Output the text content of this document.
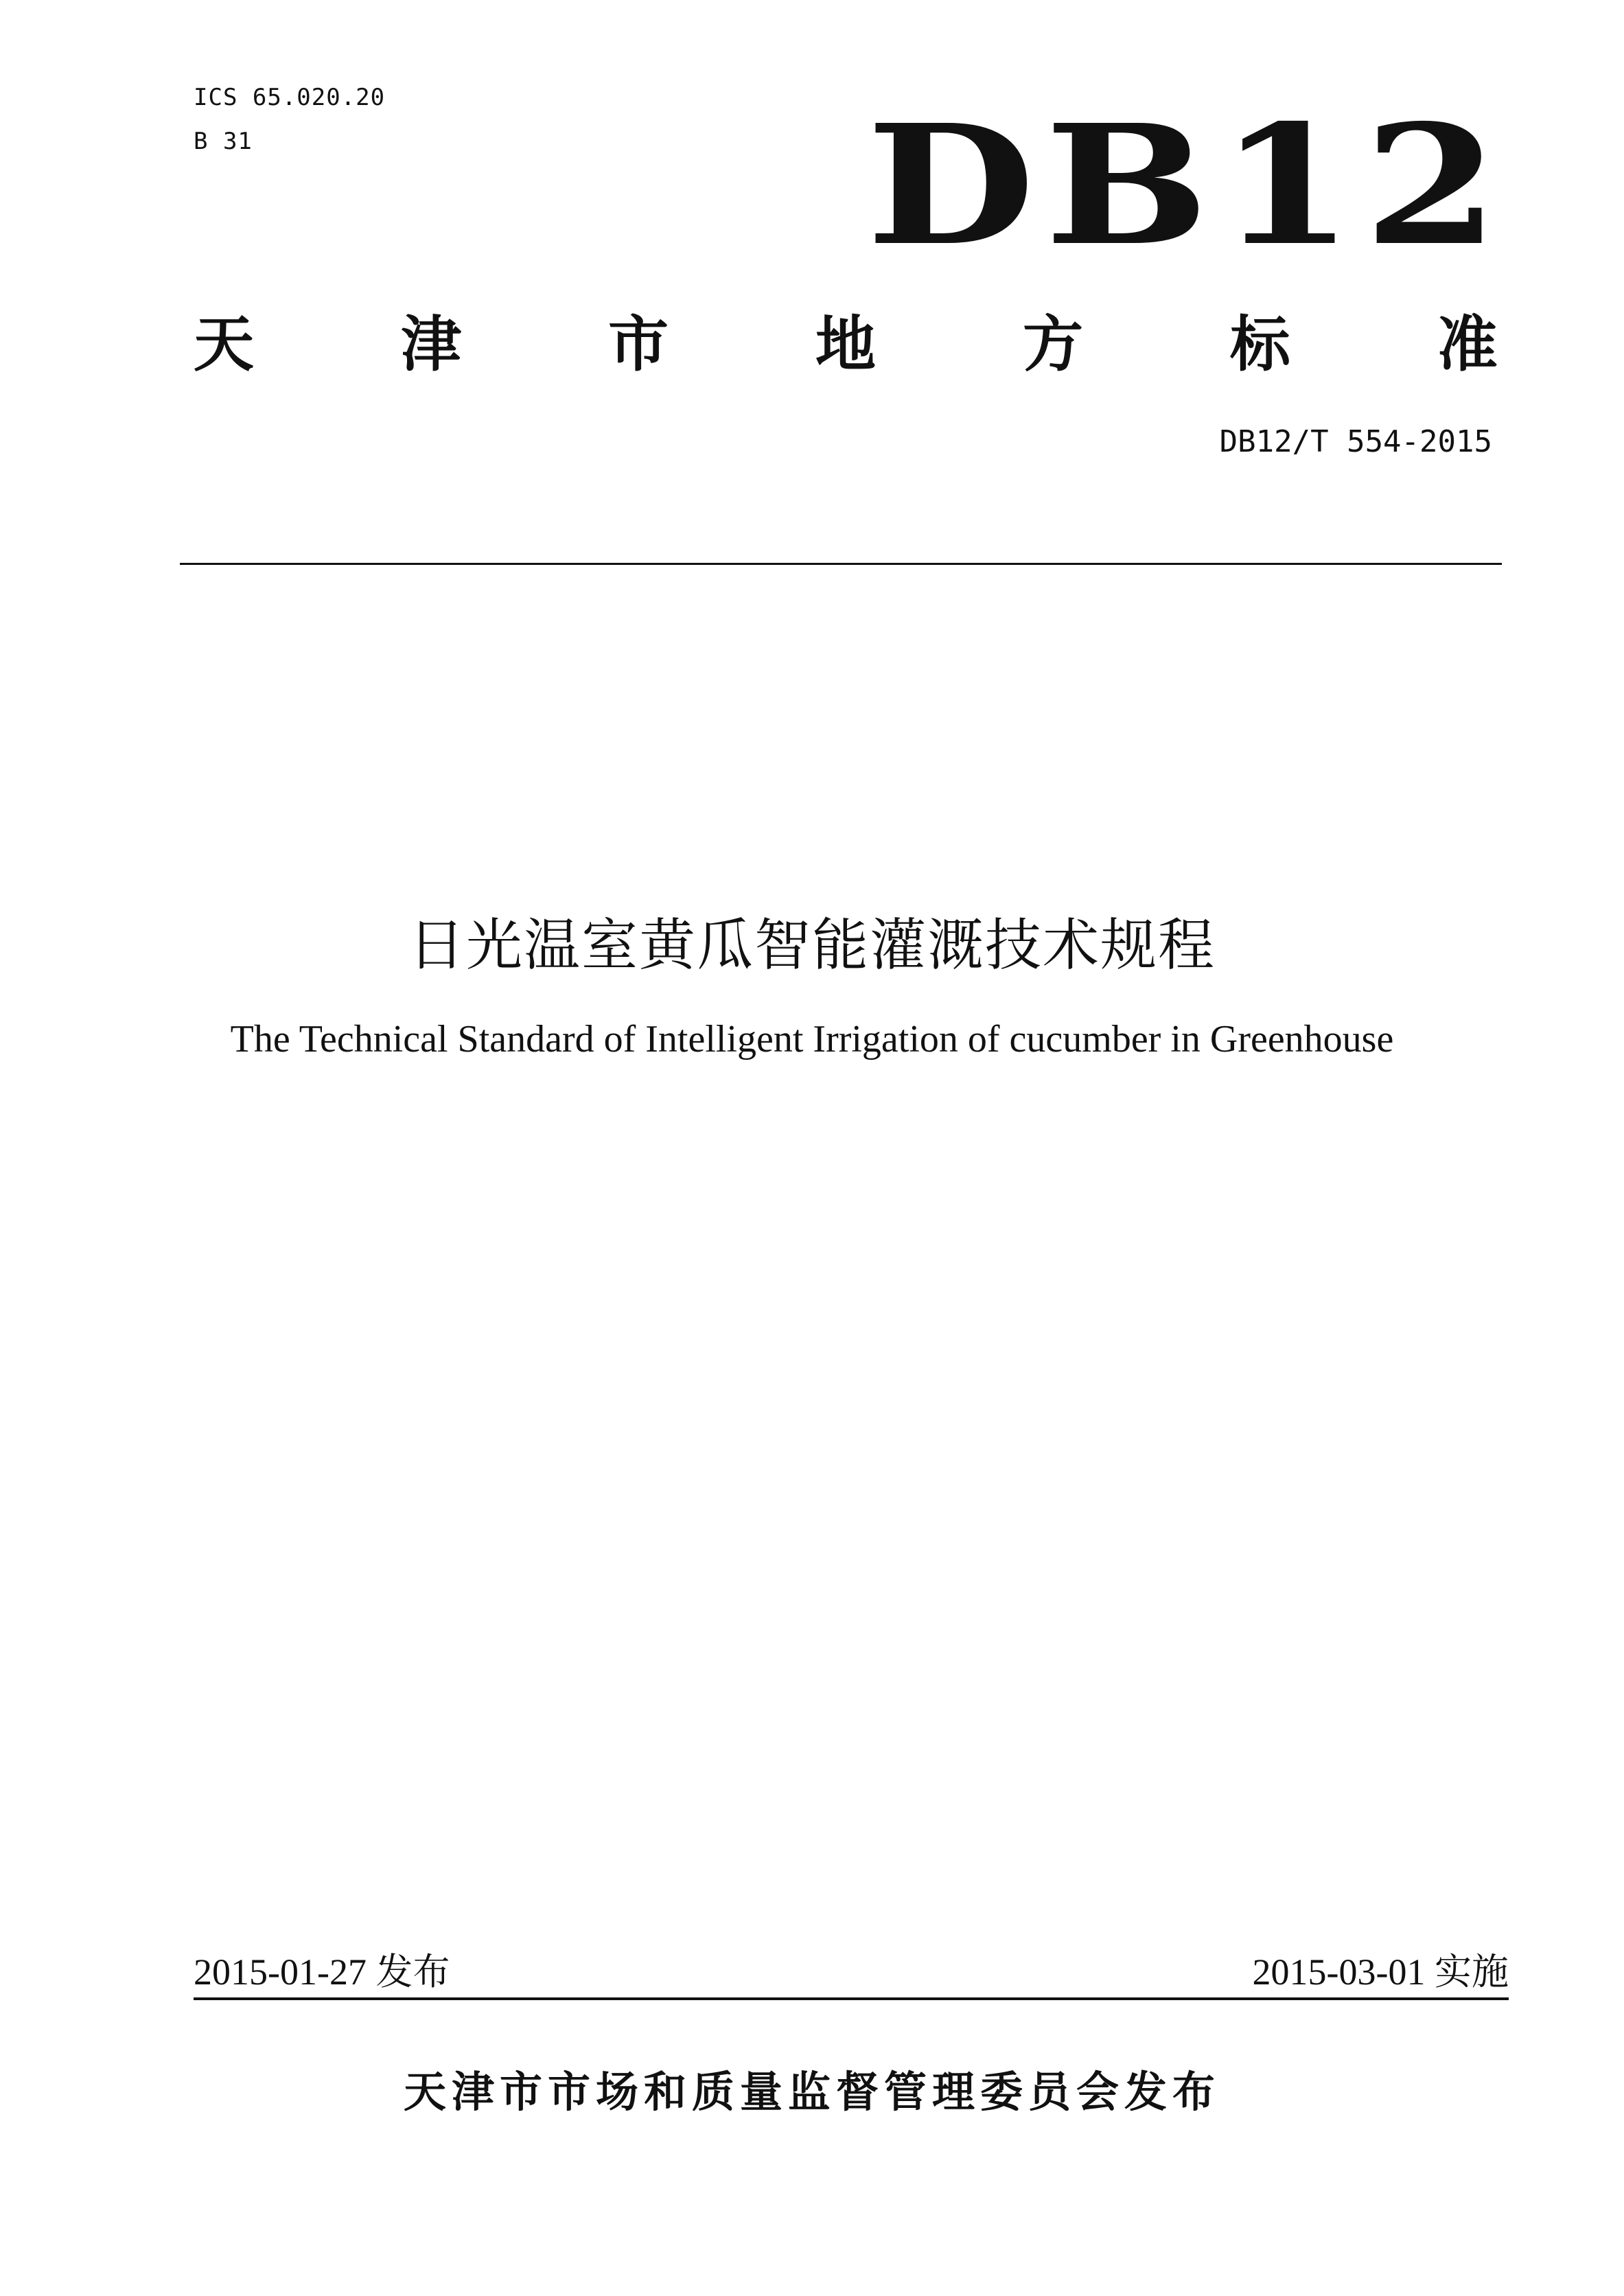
ICS 65.020.20
B 31	DB12
天 津 市 地 方 标 准
DB12/T 554-2015
日光温室黄瓜智能灌溉技术规程
The Technical Standard of Intelligent Irrigation of cucumber in Greenhouse
2015-01-27 发布	2015-03-01 实施
天津市市场和质量监督管理委员会发布
